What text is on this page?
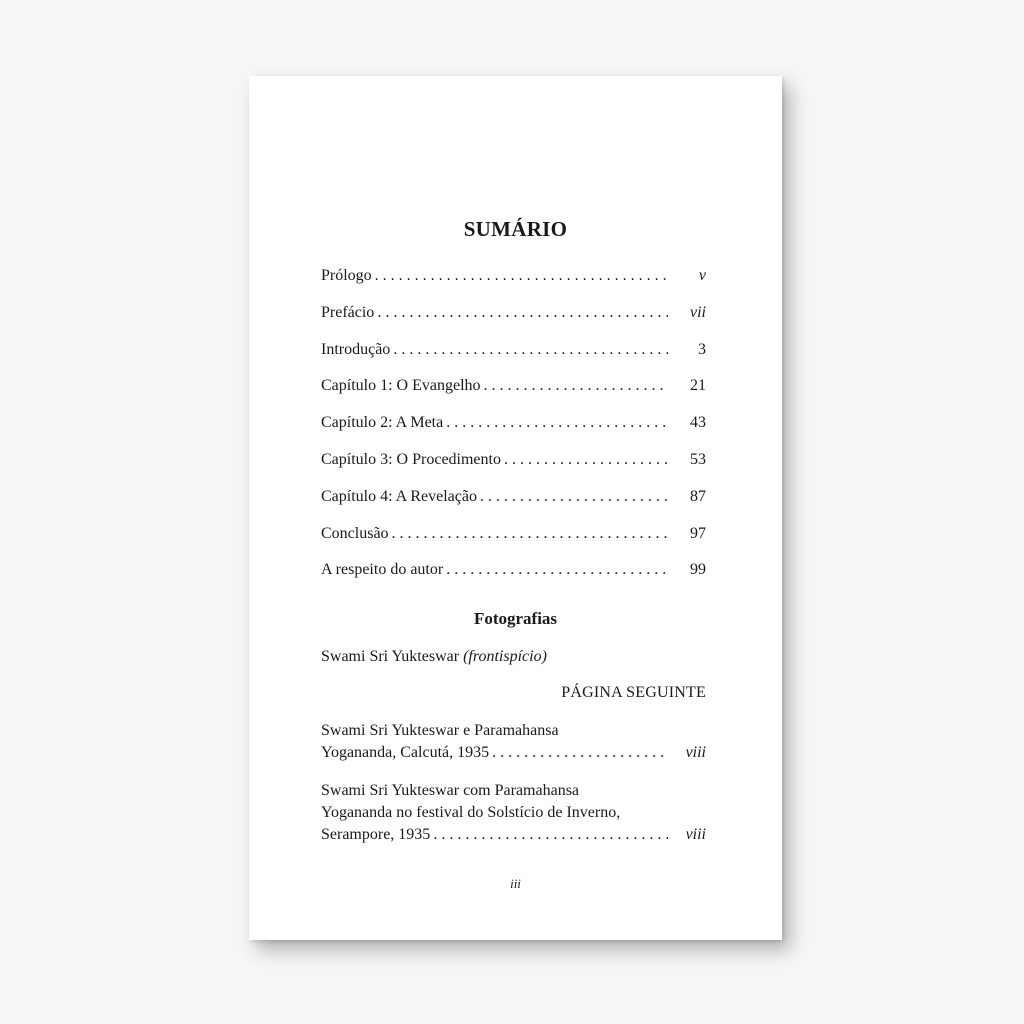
SUMÁRIO
Prólogo . . .	v
Prefácio . . .	vii
Introdução . . .	3
Capítulo 1: O Evangelho . . .	21
Capítulo 2: A Meta . . .	43
Capítulo 3: O Procedimento . . .	53
Capítulo 4: A Revelação . . .	87
Conclusão . . .	97
A respeito do autor . . .	99
Fotografias
Swami Sri Yukteswar (frontispício)
PÁGINA SEGUINTE
Swami Sri Yukteswar e Paramahansa
Yogananda, Calcutá, 1935 . . .	viii
Swami Sri Yukteswar com Paramahansa
Yogananda no festival do Solstício de Inverno,
Serampore, 1935 . . .	viii
iii
